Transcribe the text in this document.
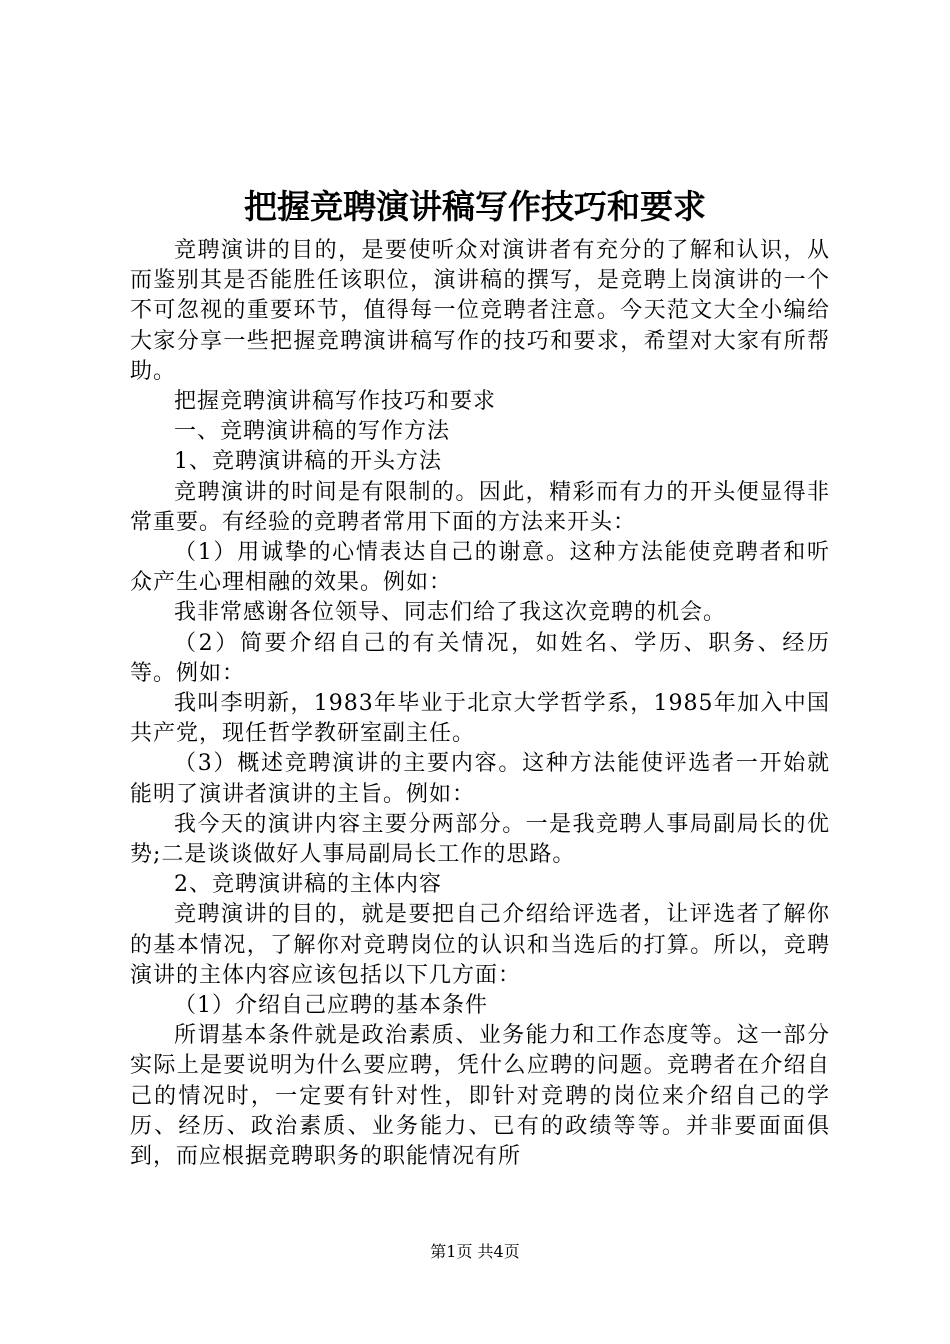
把握竞聘演讲稿写作技巧和要求

竞聘演讲的目的，是要使听众对演讲者有充分的了解和认识，从而鉴别其是否能胜任该职位，演讲稿的撰写，是竞聘上岗演讲的一个不可忽视的重要环节，值得每一位竞聘者注意。今天范文大全小编给大家分享一些把握竞聘演讲稿写作的技巧和要求，希望对大家有所帮助。

把握竞聘演讲稿写作技巧和要求

一、竞聘演讲稿的写作方法

1、竞聘演讲稿的开头方法

竞聘演讲的时间是有限制的。因此，精彩而有力的开头便显得非常重要。有经验的竞聘者常用下面的方法来开头：

（1）用诚挚的心情表达自己的谢意。这种方法能使竞聘者和听众产生心理相融的效果。例如：

我非常感谢各位领导、同志们给了我这次竞聘的机会。

（2）简要介绍自己的有关情况，如姓名、学历、职务、经历等。例如：

我叫李明新，1983年毕业于北京大学哲学系，1985年加入中国共产党，现任哲学教研室副主任。

（3）概述竞聘演讲的主要内容。这种方法能使评选者一开始就能明了演讲者演讲的主旨。例如：

我今天的演讲内容主要分两部分。一是我竞聘人事局副局长的优势;二是谈谈做好人事局副局长工作的思路。

2、竞聘演讲稿的主体内容

竞聘演讲的目的，就是要把自己介绍给评选者，让评选者了解你的基本情况，了解你对竞聘岗位的认识和当选后的打算。所以，竞聘演讲的主体内容应该包括以下几方面：

（1）介绍自己应聘的基本条件

所谓基本条件就是政治素质、业务能力和工作态度等。这一部分实际上是要说明为什么要应聘，凭什么应聘的问题。竞聘者在介绍自己的情况时，一定要有针对性，即针对竞聘的岗位来介绍自己的学历、经历、政治素质、业务能力、已有的政绩等等。并非要面面俱到，而应根据竞聘职务的职能情况有所

第1页 共4页
